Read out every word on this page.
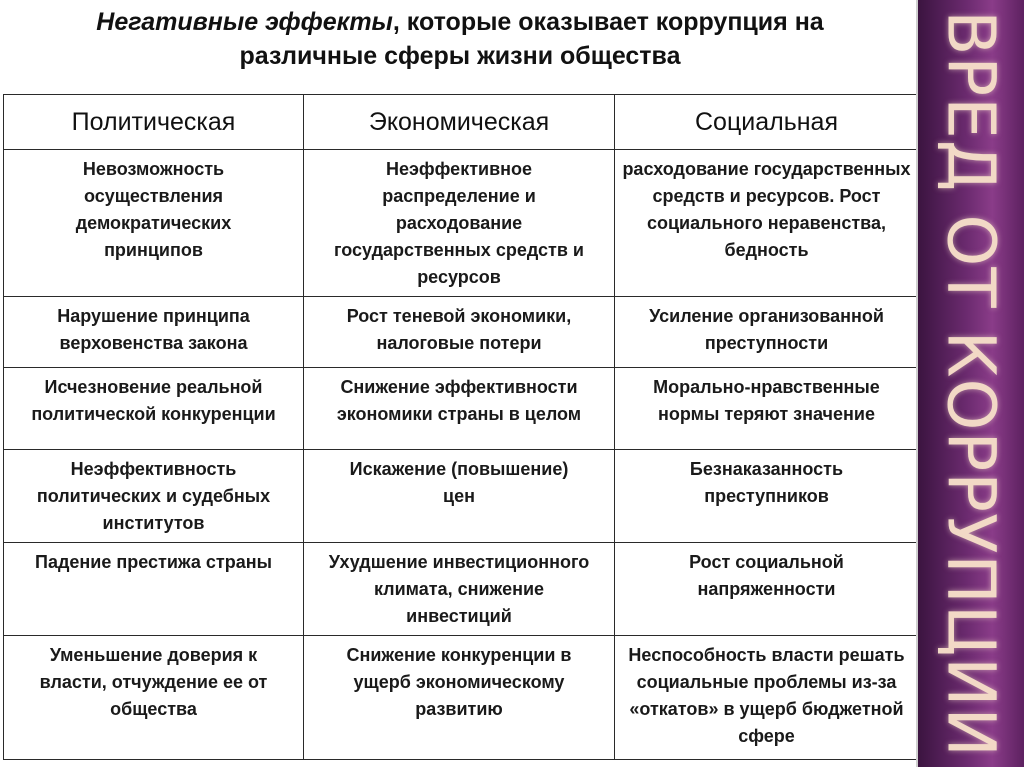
Негативные эффекты, которые оказывает коррупция на
различные сферы жизни общества
Политическая	Экономическая	Социальная
Невозможность осуществления демократических принципов	Неэффективное распределение и расходование государственных средств и ресурсов	расходование государственных средств и ресурсов. Рост социального неравенства, бедность
Нарушение принципа верховенства закона	Рост теневой экономики, налоговые потери	Усиление организованной преступности
Исчезновение реальной политической конкуренции	Снижение эффективности экономики страны в целом	Морально-нравственные нормы теряют значение
Неэффективность политических и судебных институтов	Искажение (повышение) цен	Безнаказанность преступников
Падение престижа страны	Ухудшение инвестиционного климата, снижение инвестиций	Рост социальной напряженности
Уменьшение доверия к власти, отчуждение ее от общества	Снижение конкуренции в ущерб экономическому развитию	Неспособность власти решать социальные проблемы из-за «откатов» в ущерб бюджетной сфере ВРЕД ОТ КОРРУПЦИИ
